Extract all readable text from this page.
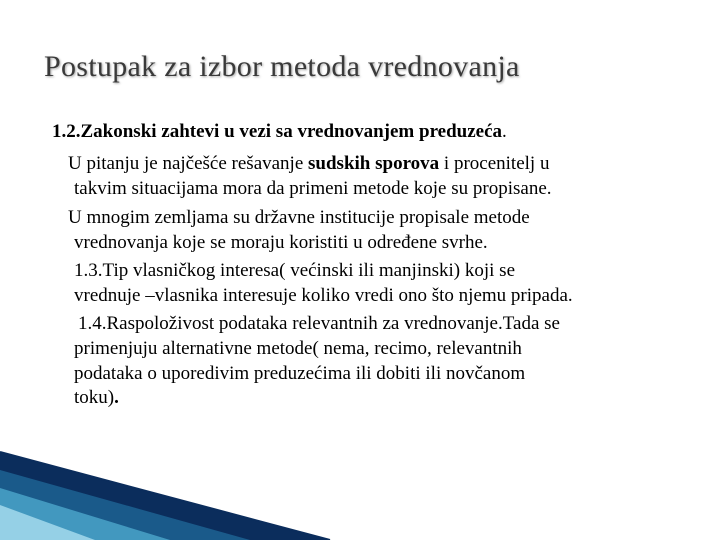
Postupak za izbor metoda vrednovanja
1.2.Zakonski zahtevi u vezi sa vrednovanjem preduzeća.
U pitanju je najčešće rešavanje sudskih sporova i procenitelj u
takvim situacijama mora da primeni metode koje su propisane.
U mnogim zemljama su državne institucije propisale metode
vrednovanja koje se moraju koristiti u određene svrhe.
1.3.Tip vlasničkog interesa( većinski ili manjinski) koji se
vrednuje –vlasnika interesuje koliko vredi ono što njemu pripada.
1.4.Raspoloživost podataka relevantnih za vrednovanje.Tada se
primenjuju alternativne metode( nema, recimo, relevantnih
podataka o uporedivim preduzećima ili dobiti ili novčanom
toku).
